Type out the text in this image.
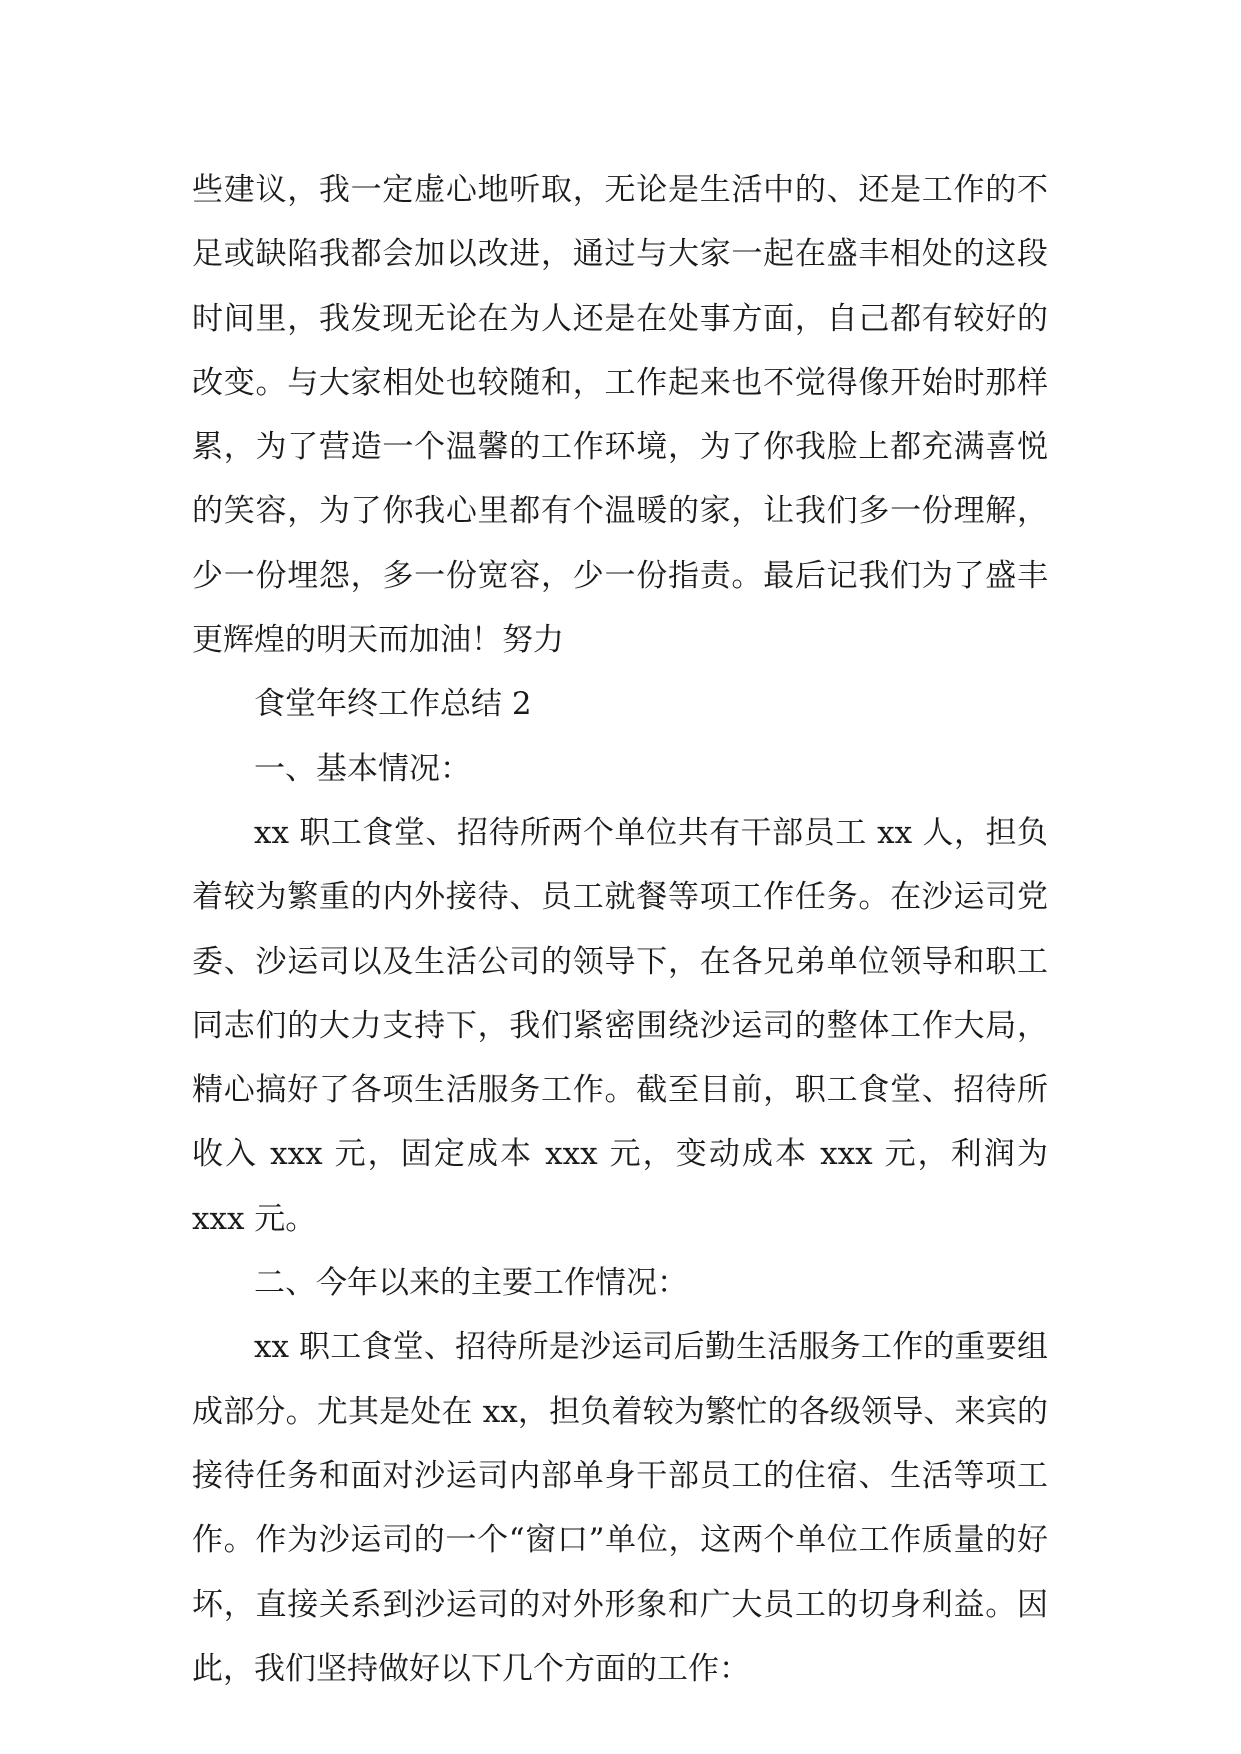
些建议，我一定虚心地听取，无论是生活中的、还是工作的不足或缺陷我都会加以改进，通过与大家一起在盛丰相处的这段时间里，我发现无论在为人还是在处事方面，自己都有较好的改变。与大家相处也较随和，工作起来也不觉得像开始时那样累，为了营造一个温馨的工作环境，为了你我脸上都充满喜悦的笑容，为了你我心里都有个温暖的家，让我们多一份理解，少一份埋怨，多一份宽容，少一份指责。最后记我们为了盛丰更辉煌的明天而加油！努力

食堂年终工作总结 2

一、基本情况：

xx 职工食堂、招待所两个单位共有干部员工 xx 人，担负着较为繁重的内外接待、员工就餐等项工作任务。在沙运司党委、沙运司以及生活公司的领导下，在各兄弟单位领导和职工同志们的大力支持下，我们紧密围绕沙运司的整体工作大局，精心搞好了各项生活服务工作。截至目前，职工食堂、招待所收入 xxx 元，固定成本 xxx 元，变动成本 xxx 元，利润为 xxx 元。

二、今年以来的主要工作情况：

xx 职工食堂、招待所是沙运司后勤生活服务工作的重要组成部分。尤其是处在 xx，担负着较为繁忙的各级领导、来宾的接待任务和面对沙运司内部单身干部员工的住宿、生活等项工作。作为沙运司的一个“窗口”单位，这两个单位工作质量的好坏，直接关系到沙运司的对外形象和广大员工的切身利益。因此，我们坚持做好以下几个方面的工作：
